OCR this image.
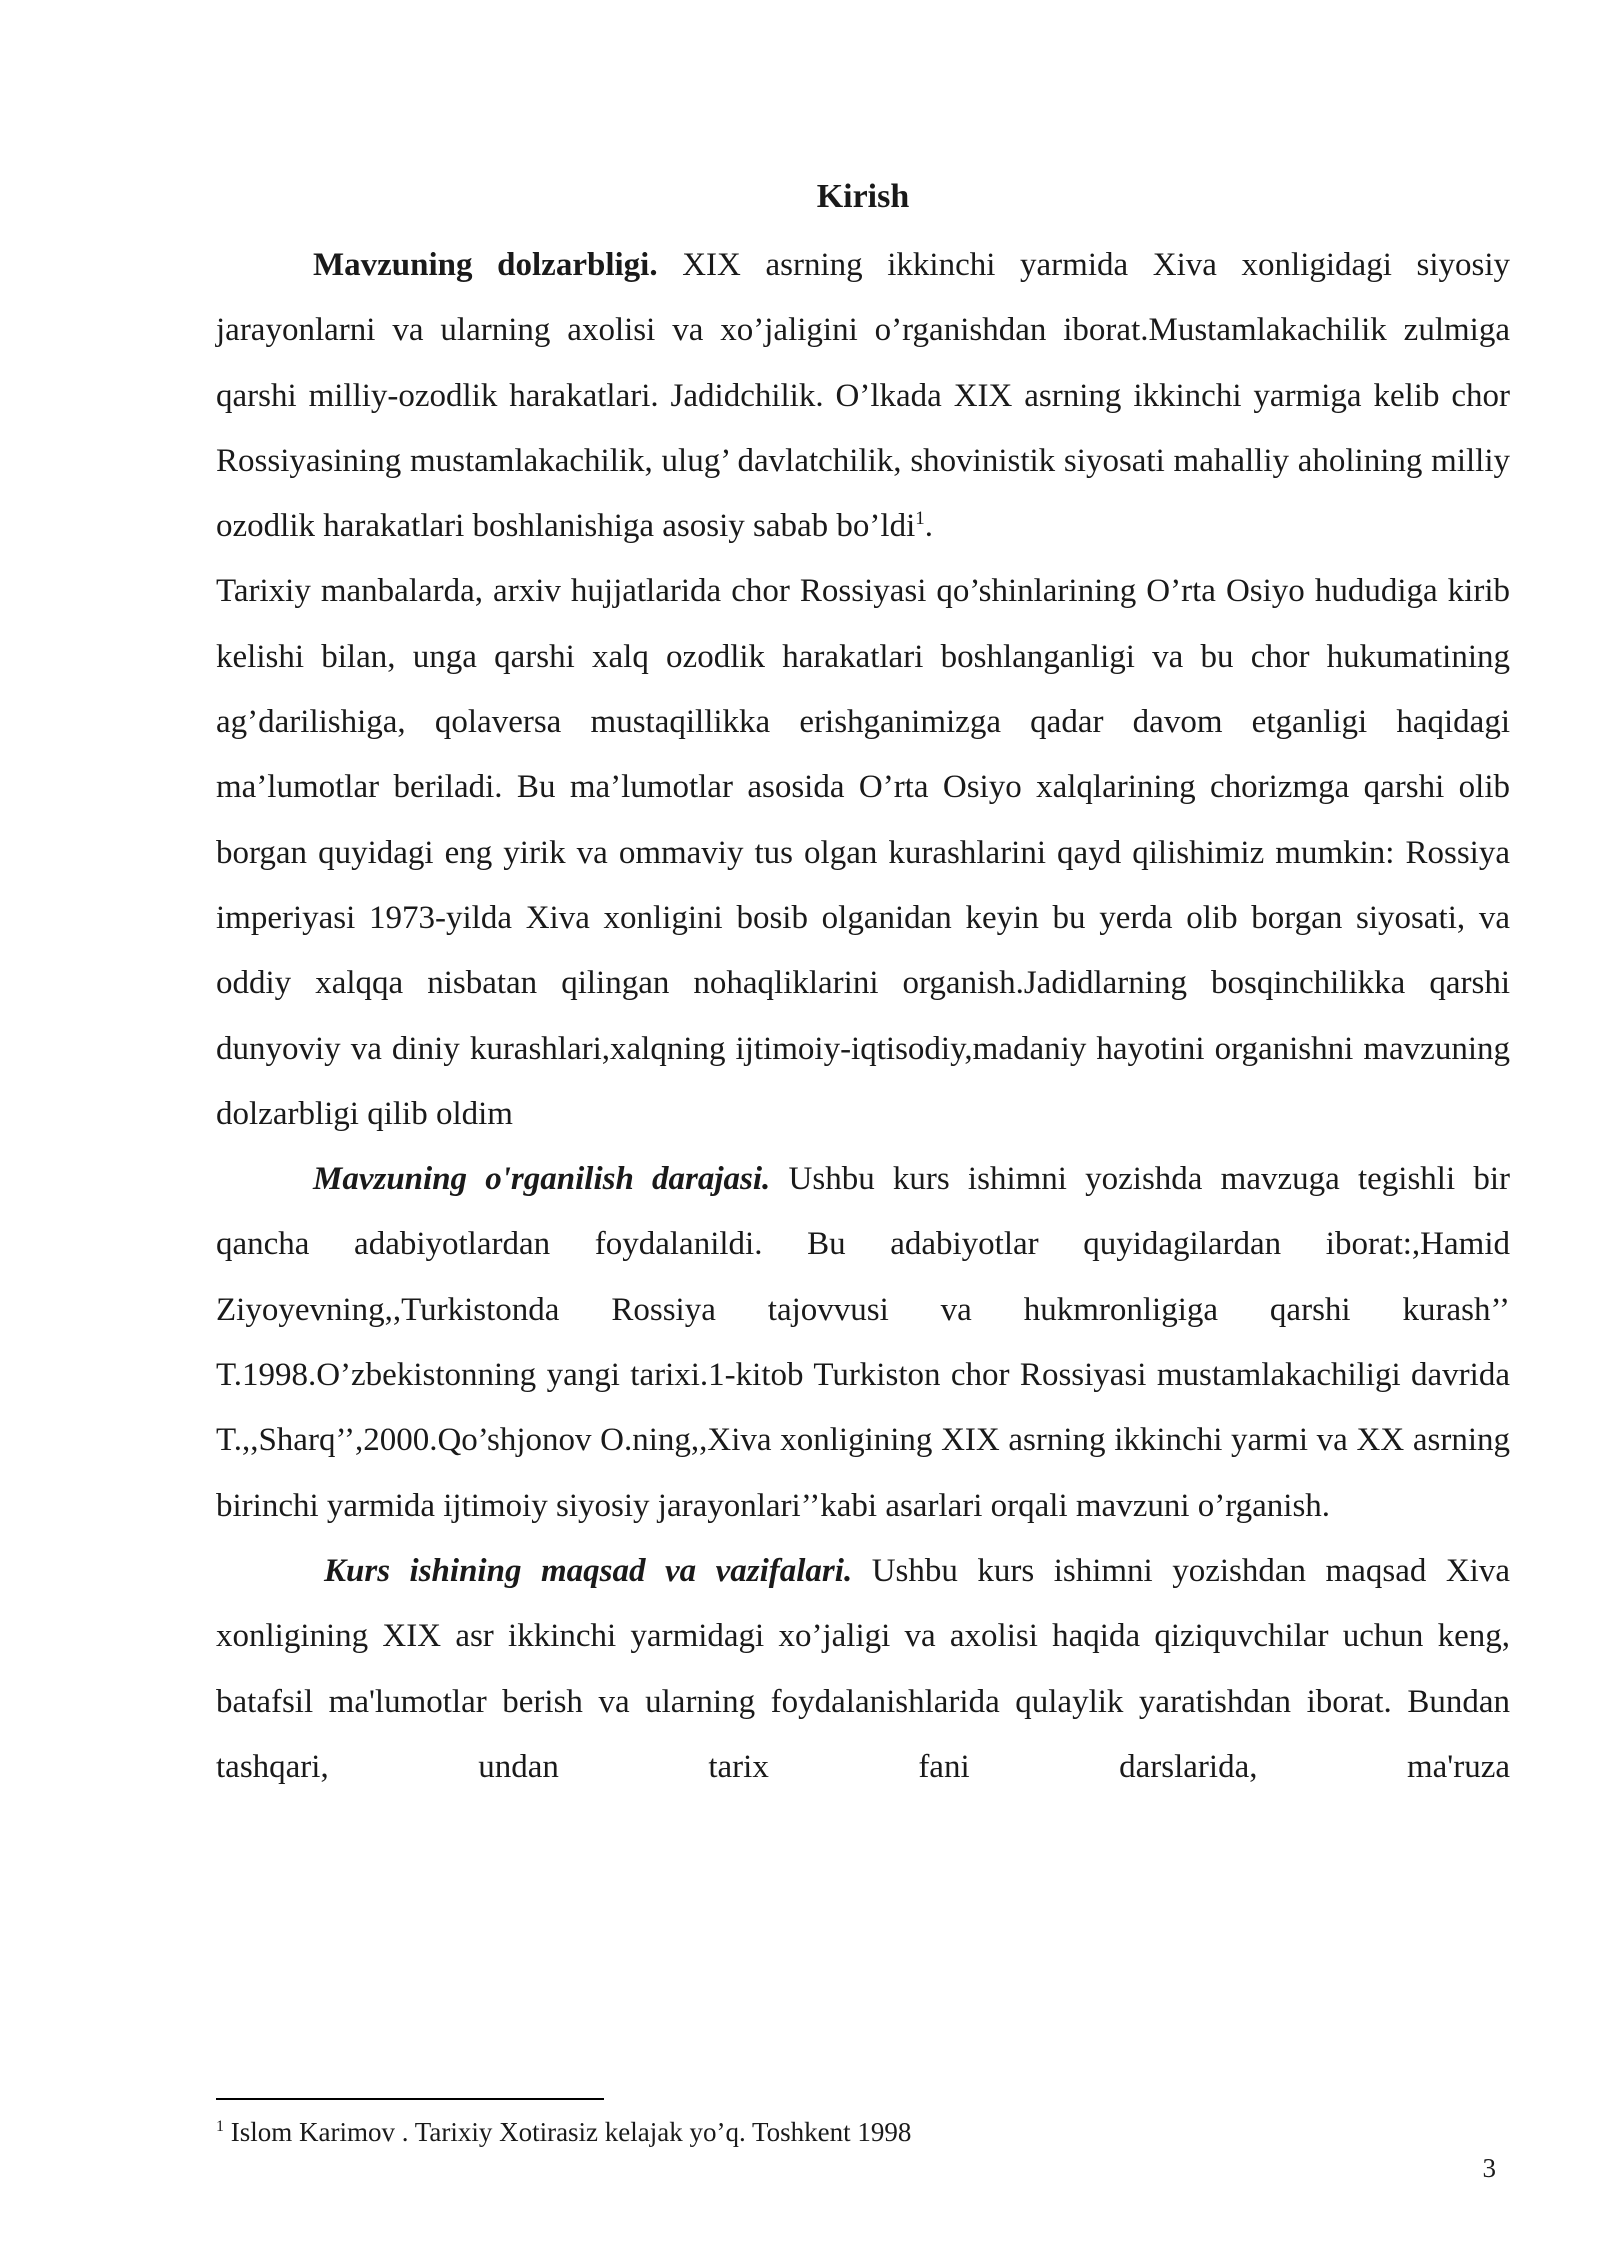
Kirish

Mavzuning dolzarbligi. XIX asrning ikkinchi yarmida Xiva xonligidagi siyosiy jarayonlarni va ularning axolisi va xo’jaligini o’rganishdan iborat.Mustamlakachilik zulmiga qarshi milliy-ozodlik harakatlari. Jadidchilik. O’lkada XIX asrning ikkinchi yarmiga kelib chor Rossiyasining mustamlakachilik, ulug’ davlatchilik, shovinistik siyosati mahalliy aholining milliy ozodlik harakatlari boshlanishiga asosiy sabab bo’ldi$^1$.

Tarixiy manbalarda, arxiv hujjatlarida chor Rossiyasi qo’shinlarining O’rta Osiyo hududiga kirib kelishi bilan, unga qarshi xalq ozodlik harakatlari boshlanganligi va bu chor hukumatining ag’darilishiga, qolaversa mustaqillikka erishganimizga qadar davom etganligi haqidagi ma’lumotlar beriladi. Bu ma’lumotlar asosida O’rta Osiyo xalqlarining chorizmga qarshi olib borgan quyidagi eng yirik va ommaviy tus olgan kurashlarini qayd qilishimiz mumkin: Rossiya imperiyasi 1973-yilda Xiva xonligini bosib olganidan keyin bu yerda olib borgan siyosati, va oddiy xalqqa nisbatan qilingan nohaqliklarini organish.Jadidlarning bosqinchilikka qarshi dunyoviy va diniy kurashlari,xalqning ijtimoiy-iqtisodiy,madaniy hayotini organishni mavzuning dolzarbligi qilib oldim

Mavzuning o'rganilish darajasi. Ushbu kurs ishimni yozishda mavzuga tegishli bir qancha adabiyotlardan foydalanildi. Bu adabiyotlar quyidagilardan iborat:,Hamid Ziyoyevning,,Turkistonda Rossiya tajovvusi va hukmronligiga qarshi kurash’’ T.1998.O’zbekistonning yangi tarixi.1-kitob Turkiston chor Rossiyasi mustamlakachiligi davrida T.,,Sharq’’,2000.Qo’shjonov O.ning,,Xiva xonligining XIX asrning ikkinchi yarmi va XX asrning birinchi yarmida ijtimoiy siyosiy jarayonlari’’kabi asarlari orqali mavzuni o’rganish.

Kurs ishining maqsad va vazifalari. Ushbu kurs ishimni yozishdan maqsad Xiva xonligining XIX asr ikkinchi yarmidagi xo’jaligi va axolisi haqida qiziquvchilar uchun keng, batafsil ma'lumotlar berish va ularning foydalanishlarida qulaylik yaratishdan iborat. Bundan tashqari, undan tarix fani darslarida, ma'ruza

$^1$ Islom Karimov . Tarixiy Xotirasiz kelajak yo’q. Toshkent 1998
3
